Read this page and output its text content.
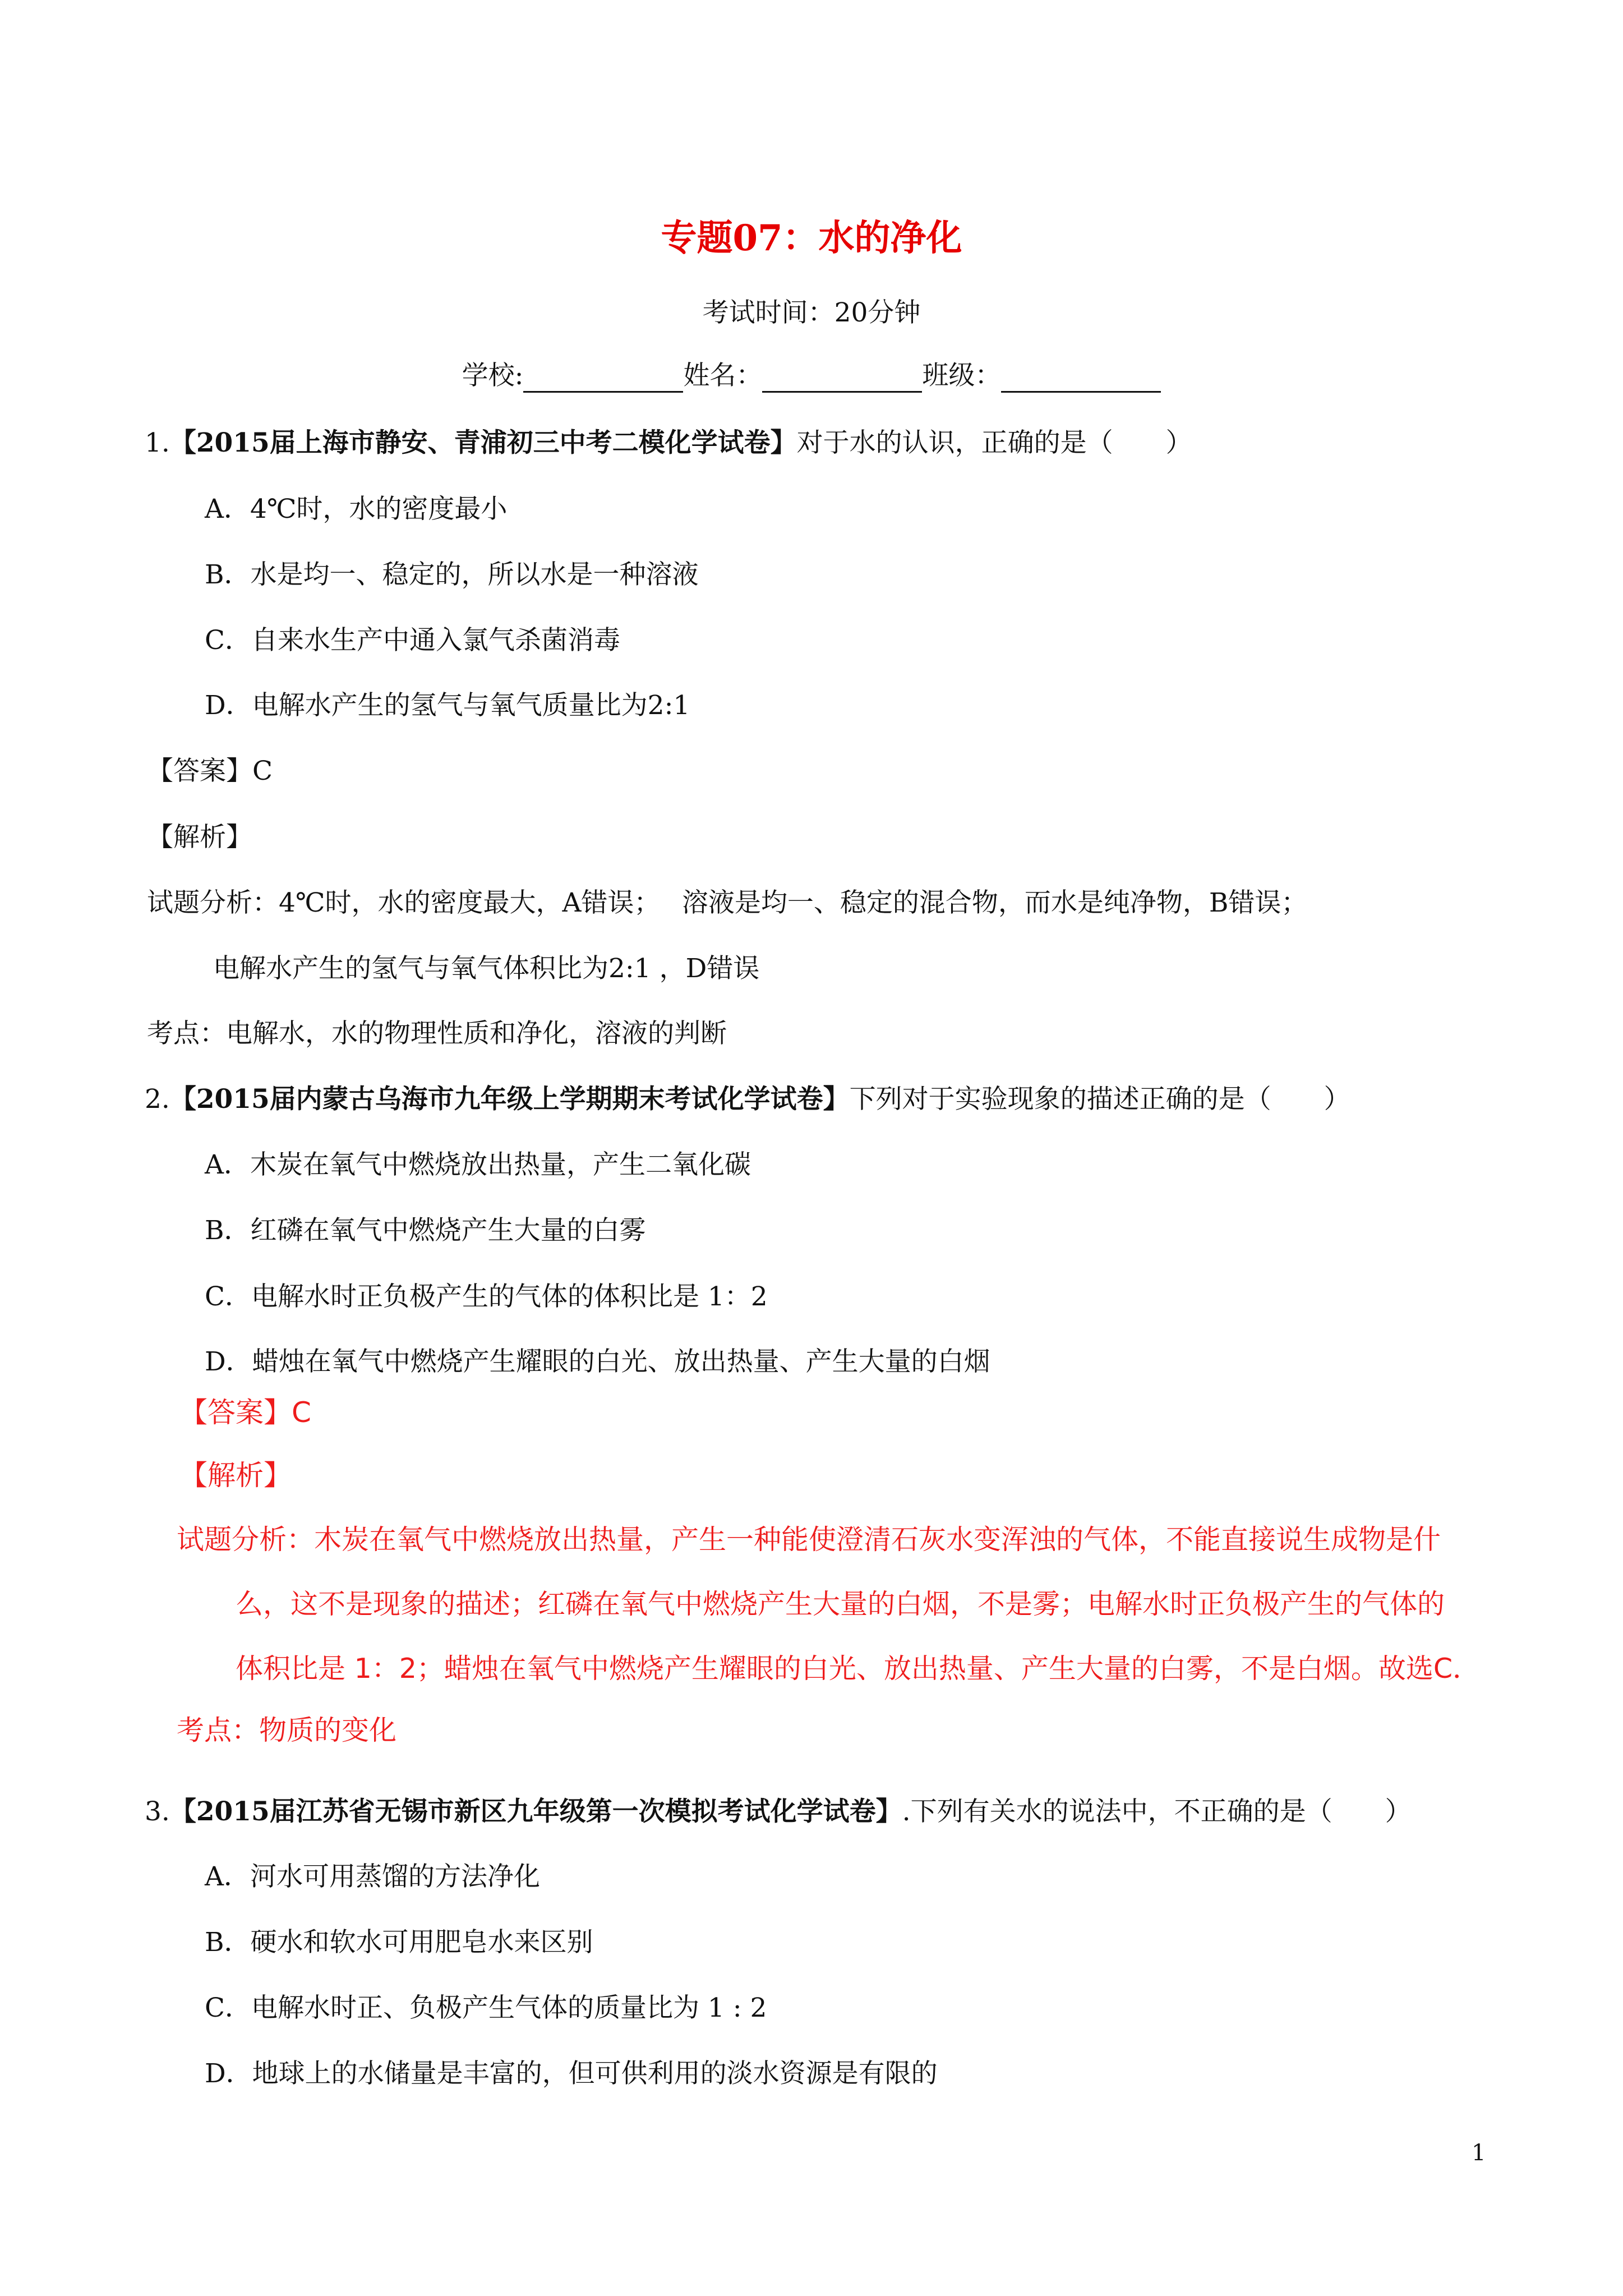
专题07：水的净化
考试时间：20分钟
学校:	姓名：	班级：
1.【2015届上海市静安、青浦初三中考二模化学试卷】对于水的认识，正确的是（　　）
A．4℃时，水的密度最小
B．水是均一、稳定的，所以水是一种溶液
C．自来水生产中通入氯气杀菌消毒
D．电解水产生的氢气与氧气质量比为2:1
【答案】C
【解析】
试题分析：4℃时，水的密度最大，A错误；　 溶液是均一、稳定的混合物，而水是纯净物，B错误；
电解水产生的氢气与氧气体积比为2:1 ，D错误
考点：电解水，水的物理性质和净化，溶液的判断
2.【2015届内蒙古乌海市九年级上学期期末考试化学试卷】下列对于实验现象的描述正确的是（　　）
A．木炭在氧气中燃烧放出热量，产生二氧化碳
B．红磷在氧气中燃烧产生大量的白雾
C．电解水时正负极产生的气体的体积比是 1：2
D．蜡烛在氧气中燃烧产生耀眼的白光、放出热量、产生大量的白烟
【答案】C
【解析】
试题分析：木炭在氧气中燃烧放出热量，产生一种能使澄清石灰水变浑浊的气体，不能直接说生成物是什
么，这不是现象的描述；红磷在氧气中燃烧产生大量的白烟，不是雾；电解水时正负极产生的气体的
体积比是 1：2；蜡烛在氧气中燃烧产生耀眼的白光、放出热量、产生大量的白雾，不是白烟。故选C．
考点：物质的变化
3.【2015届江苏省无锡市新区九年级第一次模拟考试化学试卷】.下列有关水的说法中，不正确的是（　　）
A．河水可用蒸馏的方法净化
B．硬水和软水可用肥皂水来区别
C．电解水时正、负极产生气体的质量比为 1 : 2
D．地球上的水储量是丰富的，但可供利用的淡水资源是有限的
1
